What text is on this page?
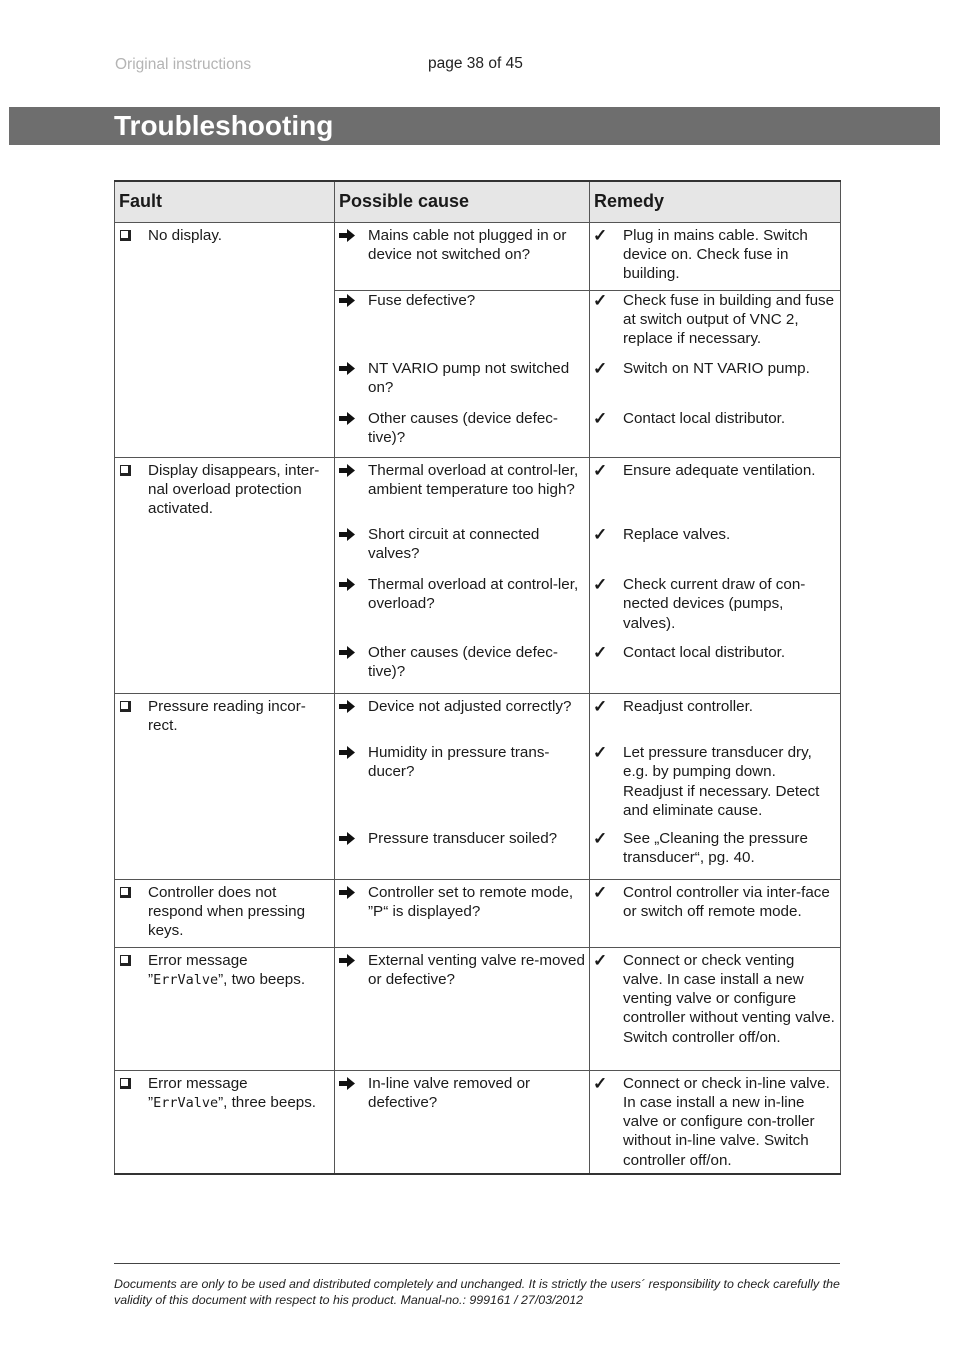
Original instructions	page 38 of 45
Troubleshooting
Fault	Possible cause	Remedy

No display.	Mains cable not plugged in or device not switched on?	✓ Plug in mains cable. Switch device on. Check fuse in building.

Fuse defective?	✓ Check fuse in building and fuse at switch output of VNC 2, replace if necessary.

NT VARIO pump not switched on?	✓ Switch on NT VARIO pump.

Other causes (device defec-tive)?	✓ Contact local distributor.

Display disappears, inter-nal overload protection activated.	Thermal overload at control-ler, ambient temperature too high?	✓ Ensure adequate ventilation.

Short circuit at connected valves?	✓ Replace valves.

Thermal overload at control-ler, overload?	✓ Check current draw of con-nected devices (pumps, valves).

Other causes (device defec-tive)?	✓ Contact local distributor.

Pressure reading incor-rect.	Device not adjusted correctly?	✓ Readjust controller.

Humidity in pressure trans-ducer?	✓ Let pressure transducer dry, e.g. by pumping down. Readjust if necessary. Detect and eliminate cause.

Pressure transducer soiled?	✓ See „Cleaning the pressure transducer“, pg. 40.

Controller does not respond when pressing keys.	Controller set to remote mode, ”P“ is displayed?	✓ Control controller via inter-face or switch off remote mode.

Error message ”ErrValve”, two beeps.	External venting valve re-moved or defective?	✓ Connect or check venting valve. In case install a new venting valve or configure controller without venting valve. Switch controller off/on.

Error message ”ErrValve”, three beeps.	In-line valve removed or defective?	✓ Connect or check in-line valve. In case install a new in-line valve or configure con-troller without in-line valve. Switch controller off/on.
Documents are only to be used and distributed completely and unchanged. It is strictly the users´ responsibility to check carefully the validity of this document with respect to his product. Manual-no.: 999161 / 27/03/2012
